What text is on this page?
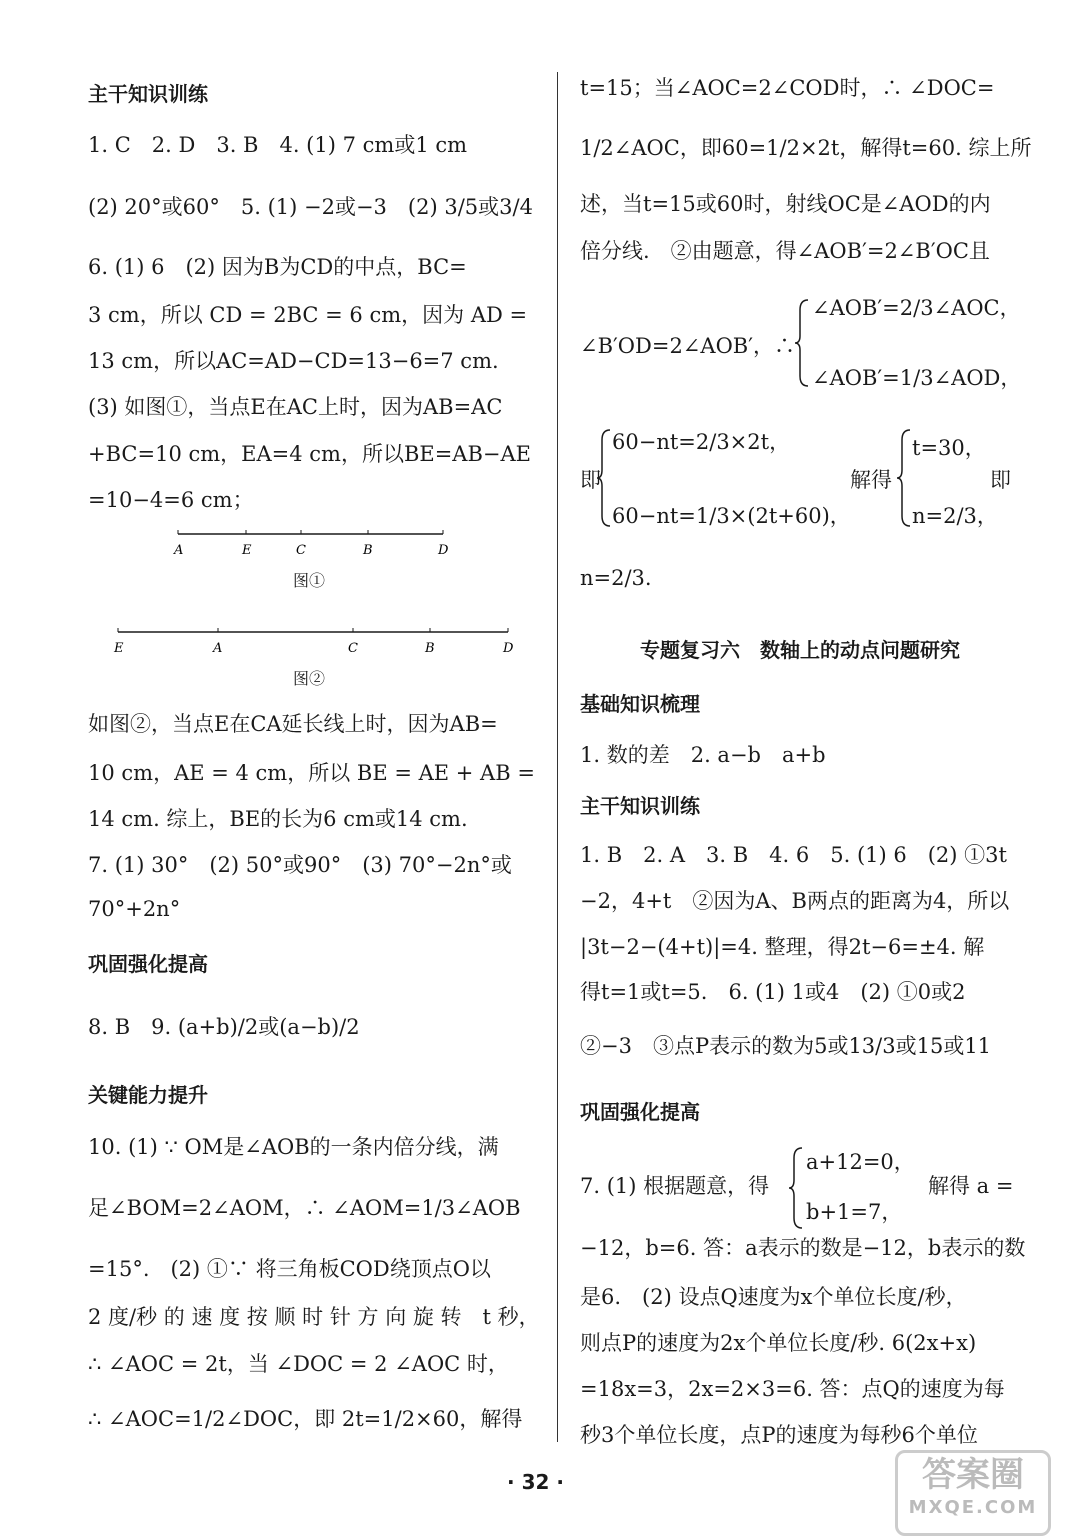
主干知识训练
1. C　2. D　3. B　4. (1) 7 cm或1 cm
(2) 20°或60°　5. (1) −2或−3　(2) 3/5或3/4
6. (1) 6　(2) 因为B为CD的中点，BC=
3 cm，所以 CD = 2BC = 6 cm，因为 AD =
13 cm，所以AC=AD−CD=13−6=7 cm.
(3) 如图①，当点E在AC上时，因为AB=AC
+BC=10 cm，EA=4 cm，所以BE=AB−AE
=10−4=6 cm；
A	E	C	B	D
图①
E	A	C	B	D
图②
如图②，当点E在CA延长线上时，因为AB=
10 cm，AE = 4 cm，所以 BE = AE + AB =
14 cm. 综上，BE的长为6 cm或14 cm.
7. (1) 30°　(2) 50°或90°　(3) 70°−2n°或
70°+2n°
巩固强化提高
8. B　9. (a+b)/2或(a−b)/2
关键能力提升
10. (1) ∵ OM是∠AOB的一条内倍分线，满
足∠BOM=2∠AOM，∴ ∠AOM=1/3∠AOB
=15°.　(2) ①∵ 将三角板COD绕顶点O以
2 度/秒 的 速 度 按 顺 时 针 方 向 旋 转　t 秒，
∴ ∠AOC = 2t，当 ∠DOC = 2 ∠AOC 时，
∴ ∠AOC=1/2∠DOC，即 2t=1/2×60，解得
t=15；当∠AOC=2∠COD时，∴ ∠DOC=
1/2∠AOC，即60=1/2×2t，解得t=60. 综上所
述，当t=15或60时，射线OC是∠AOD的内
倍分线.　②由题意，得∠AOB′=2∠B′OC且
∠AOB′=2/3∠AOC，
∠B′OD=2∠AOB′，∴
∠AOB′=1/3∠AOD，
60−nt=2/3×2t，
即	解得
t=30，
即
60−nt=1/3×(2t+60)，	n=2/3，
n=2/3.
专题复习六　数轴上的动点问题研究
基础知识梳理
1. 数的差　2. a−b　a+b
主干知识训练
1. B　2. A　3. B　4. 6　5. (1) 6　(2) ①3t
−2，4+t　②因为A、B两点的距离为4，所以
|3t−2−(4+t)|=4. 整理，得2t−6=±4. 解
得t=1或t=5.　6. (1) 1或4　(2) ①0或2
②−3　③点P表示的数为5或13/3或15或11
巩固强化提高
7. (1) 根据题意，得
a+12=0，
b+1=7，
解得 a =
−12，b=6. 答：a表示的数是−12，b表示的数
是6.　(2) 设点Q速度为x个单位长度/秒，
则点P的速度为2x个单位长度/秒. 6(2x+x)
=18x=3，2x=2×3=6. 答：点Q的速度为每
秒3个单位长度，点P的速度为每秒6个单位
· 32 ·	答案圈
MXQE.COM
